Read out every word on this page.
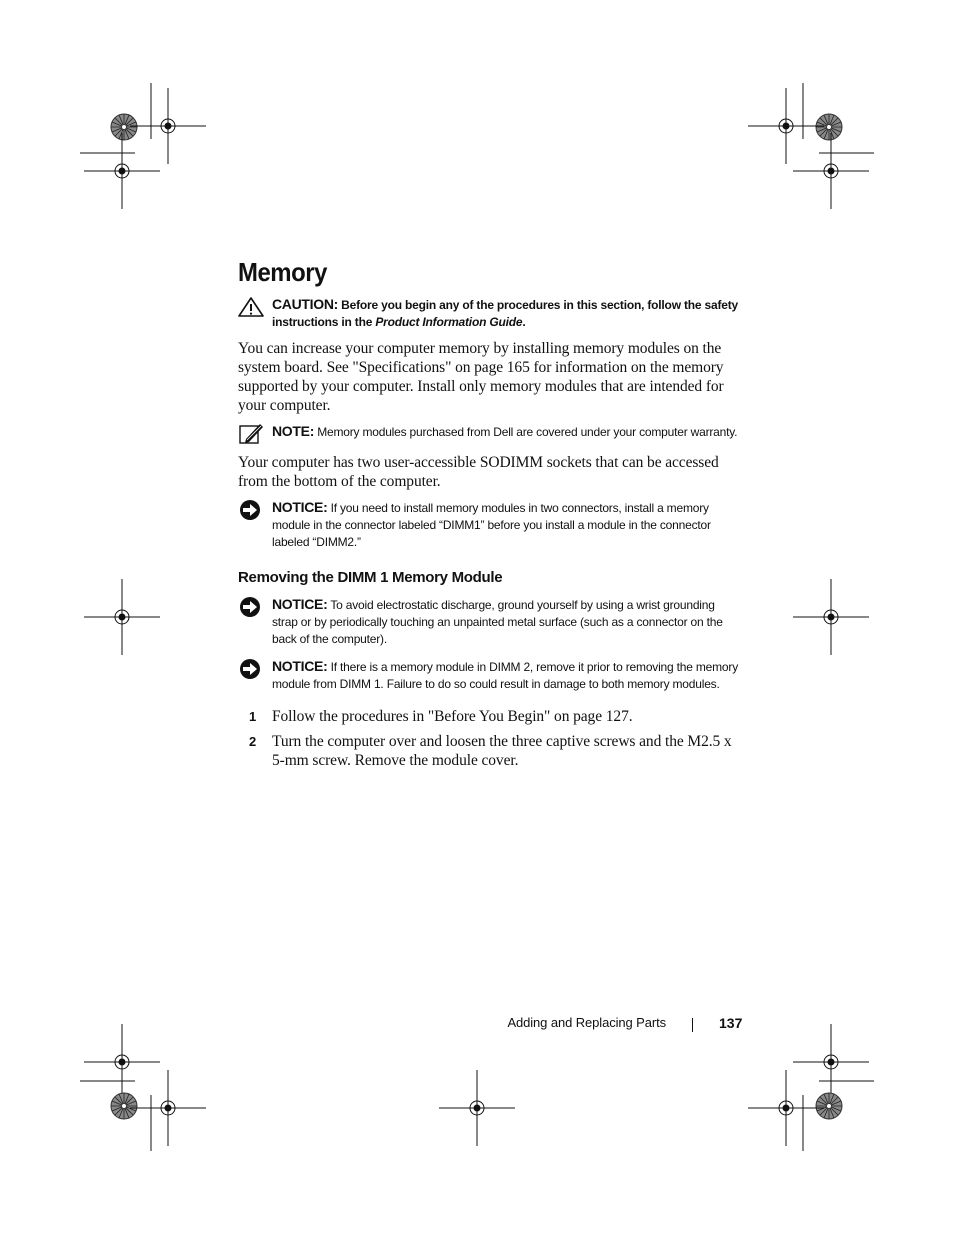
Memory
CAUTION: Before you begin any of the procedures in this section, follow the safety instructions in the Product Information Guide.

You can increase your computer memory by installing memory modules on the system board. See "Specifications" on page 165 for information on the memory supported by your computer. Install only memory modules that are intended for your computer.

NOTE: Memory modules purchased from Dell are covered under your computer warranty.

Your computer has two user-accessible SODIMM sockets that can be accessed from the bottom of the computer.

NOTICE: If you need to install memory modules in two connectors, install a memory module in the connector labeled “DIMM1” before you install a module in the connector labeled “DIMM2.”
Removing the DIMM 1 Memory Module
NOTICE: To avoid electrostatic discharge, ground yourself by using a wrist grounding strap or by periodically touching an unpainted metal surface (such as a connector on the back of the computer).
NOTICE: If there is a memory module in DIMM 2, remove it prior to removing the memory module from DIMM 1. Failure to do so could result in damage to both memory modules.
1	Follow the procedures in "Before You Begin" on page 127.
2	Turn the computer over and loosen the three captive screws and the M2.5 x 5-mm screw. Remove the module cover.
Adding and Replacing Parts	137
